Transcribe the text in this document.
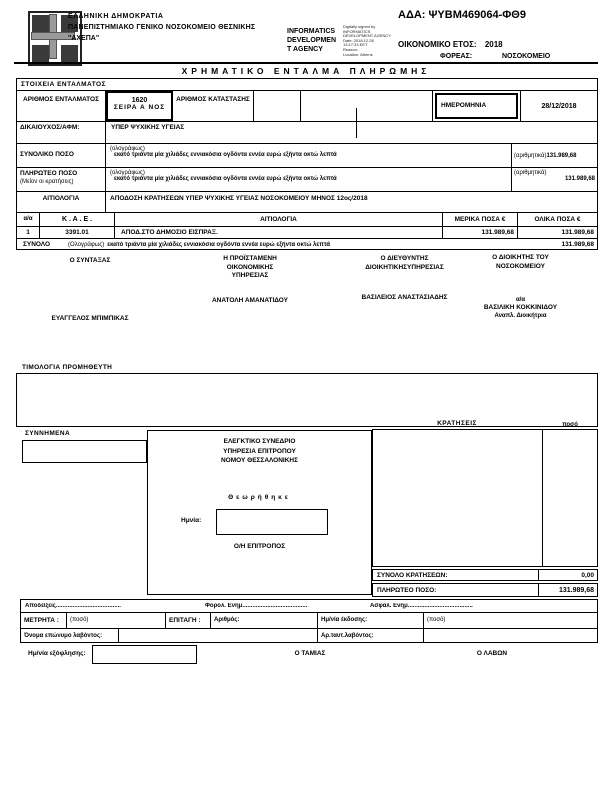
ΕΛΛΗΝΙΚΗ ΔΗΜΟΚΡΑΤΙΑ
ΠΑΝΕΠΙΣΤΗΜΙΑΚΟ ΓΕΝΙΚΟ ΝΟΣΟΚΟΜΕΙΟ ΘΕΣΝΙΚΗΣ
"ΑΧΕΠΑ"
INFORMATICS
DEVELOPMEN
T AGENCY
Digitally signed by
INFORMATICS
DEVELOPMENT AGENCY
Date: 2018.12.28
13:17:33 EET
Reason:
Location: Athens
ΑΔΑ: ΨΥΒΜ469064-ΦΘ9
ΟΙΚΟΝΟΜΙΚΟ ΕΤΟΣ: 2018
ΦΟΡΕΑΣ:	ΝΟΣΟΚΟΜΕΙΟ
ΧΡΗΜΑΤΙΚΟ ΕΝΤΑΛΜΑ ΠΛΗΡΩΜΗΣ
ΣΤΟΙΧΕΙΑ ΕΝΤΑΛΜΑΤΟΣ
ΑΡΙΘΜΟΣ ΕΝΤΑΛΜΑΤΟΣ	1620
ΣΕΙΡΑ Α ΝΟΣ
ΑΡΙΘΜΟΣ ΚΑΤΑΣΤΑΣΗΣ
ΗΜΕΡΟΜΗΝΙΑ	28/12/2018
ΔΙΚΑΙΟΥΧΟΣ/ΑΦΜ:	ΥΠΕΡ ΨΥΧΙΚΗΣ ΥΓΕΙΑΣ
ΣΥΝΟΛΙΚΟ ΠΟΣΟ
(ολογράφως)
εκατό τριάντα μία χιλιάδες εννιακόσια ογδόντα εννέα ευρώ εξήντα οκτώ λεπτά	(αριθμητικά)131.989,68
ΠΛΗΡΩΤΕΟ ΠΟΣΟ
(Μείον οι κρατήσεις)
(ολογράφως)
εκατό τριάντα μία χιλιάδες εννιακόσια ογδόντα εννέα ευρώ εξήντα οκτώ λεπτά
(αριθμητικά)
131.989,68
ΑΙΤΙΟΛΟΓΙΑ	ΑΠΟΔΟΣΗ ΚΡΑΤΗΣΕΩΝ ΥΠΕΡ ΨΥΧΙΚΗΣ ΥΓΕΙΑΣ ΝΟΣΟΚΟΜΕΙΟΥ ΜΗΝΟΣ 12ος/2018
α/α	Κ . Α . Ε .	ΑΙΤΙΟΛΟΓΙΑ	ΜΕΡΙΚΑ ΠΟΣΑ €	ΟΛΙΚΑ ΠΟΣΑ €
1	3391.01	ΑΠΟΔ.ΣΤΟ ΔΗΜΟΣΙΟ ΕΙΣΠΡΑΞ.	131.989,68	131.989,68
ΣΥΝΟΛΟ	(Ολογράφως) εκατό τριάντα μία χιλιάδες εννιακόσια ογδόντα εννέα ευρώ εξήντα οκτώ λεπτά	131.989,68
Ο ΣΥΝΤΑΞΑΣ	Η ΠΡΟΪΣΤΑΜΕΝΗ
ΟΙΚΟΝΟΜΙΚΗΣ
ΥΠΗΡΕΣΙΑΣ
Ο ΔΙΕΥΘΥΝΤΗΣ
ΔΙΟΙΚΗΤΙΚΗΣΥΠΗΡΕΣΙΑΣ
Ο ΔΙΟΙΚΗΤΗΣ ΤΟΥ
ΝΟΣΟΚΟΜΕΙΟΥ
ΑΝΑΤΟΛΗ ΑΜΑΝΑΤΙΔΟΥ	ΒΑΣΙΛΕΙΟΣ ΑΝΑΣΤΑΣΙΑΔΗΣ	α/α
ΒΑΣΙΛΙΚΗ ΚΟΚΚΙΝΙΔΟΥ
Αναπλ. Διοικήτρια
ΕΥΑΓΓΕΛΟΣ ΜΠΙΜΠΙΚΑΣ
ΤΙΜΟΛΟΓΙΑ ΠΡΟΜΗΘΕΥΤΗ
ΣΥΝΝΗΜΕΝΑ
ΕΛΕΓΚΤΙΚΟ ΣΥΝΕΔΡΙΟ
ΥΠΗΡΕΣΙΑ ΕΠΙΤΡΟΠΟΥ
ΝΟΜΟΥ ΘΕΣΣΑΛΟΝΙΚΗΣ
Θεωρήθηκε
Ημνία:
Ο/Η ΕΠΙΤΡΟΠΟΣ
ΚΡΑΤΗΣΕΙΣ	ποσό
ΣΥΝΟΛΟ ΚΡΑΤΗΣΕΩΝ:	0,00
ΠΛΗΡΩΤΕΟ ΠΟΣΟ:	131.989,68
Αποδείξεις.......................................	Φορολ. Ενημ.......................................	Ασφαλ. Ενημ.......................................
ΜΕΤΡΗΤΑ :	(ποσό)	ΕΠΙΤΑΓΗ :	Αριθμός:	Ημ/νία έκδοσης:	(ποσό)
Όνομα επώνυμο λαβόντος:	Αρ.ταυτ.λαβόντος:
Ημ/νία εξόφλησης:	Ο ΤΑΜΙΑΣ	Ο ΛΑΒΩΝ
